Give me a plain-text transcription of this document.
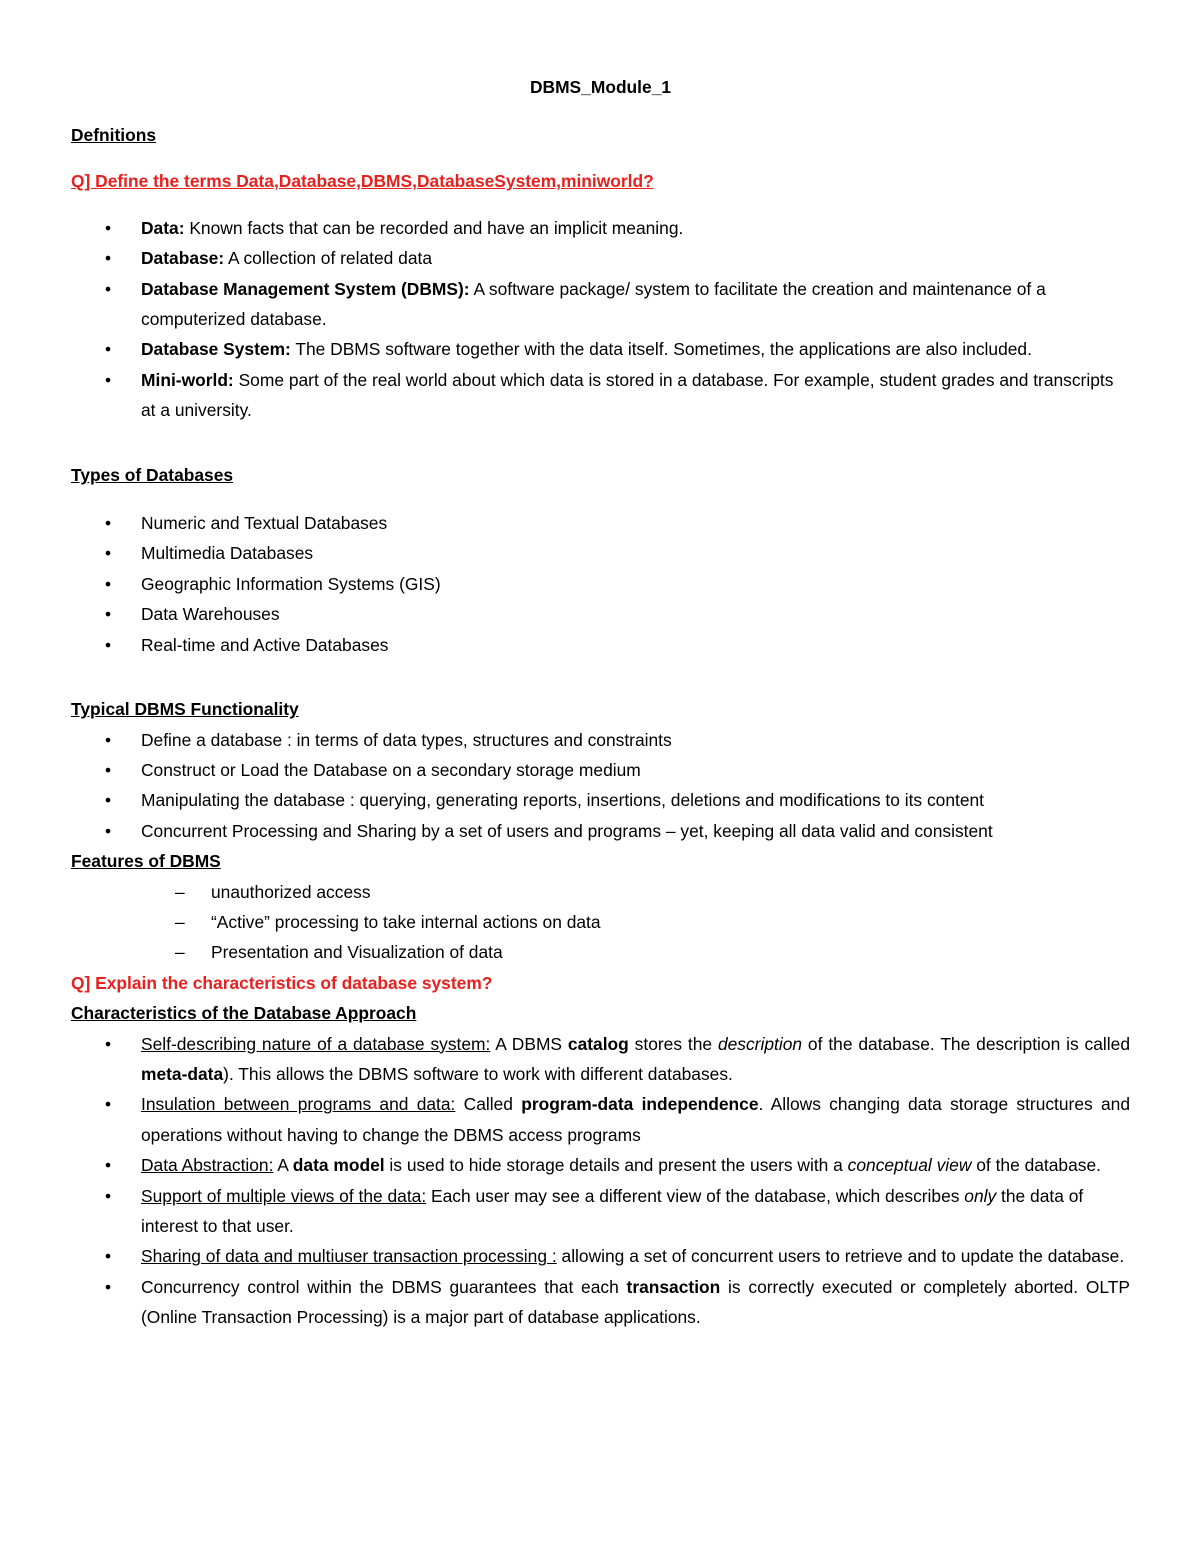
DBMS_Module_1

Defnitions

Q] Define the terms Data,Database,DBMS,DatabaseSystem,miniworld?

• Data: Known facts that can be recorded and have an implicit meaning.
• Database: A collection of related data
• Database Management System (DBMS): A software package/ system to facilitate the creation and maintenance of a computerized database.
• Database System: The DBMS software together with the data itself. Sometimes, the applications are also included.
• Mini-world: Some part of the real world about which data is stored in a database. For example, student grades and transcripts at a university.

Types of Databases

• Numeric and Textual Databases
• Multimedia Databases
• Geographic Information Systems (GIS)
• Data Warehouses
• Real-time and Active Databases

Typical DBMS Functionality

• Define a database : in terms of data types, structures and constraints
• Construct or Load the Database on a secondary storage medium
• Manipulating the database : querying, generating reports, insertions, deletions and modifications to its content
• Concurrent Processing and Sharing by a set of users and programs – yet, keeping all data valid and consistent

Features of DBMS

– unauthorized access
– “Active” processing to take internal actions on data
– Presentation and Visualization of data

Q] Explain the characteristics of database system?

Characteristics of the Database Approach

• Self-describing nature of a database system: A DBMS catalog stores the description of the database. The description is called meta-data). This allows the DBMS software to work with different databases.
• Insulation between programs and data: Called program-data independence. Allows changing data storage structures and operations without having to change the DBMS access programs
• Data Abstraction: A data model is used to hide storage details and present the users with a conceptual view of the database.
• Support of multiple views of the data: Each user may see a different view of the database, which describes only the data of interest to that user.
• Sharing of data and multiuser transaction processing : allowing a set of concurrent users to retrieve and to update the database.
• Concurrency control within the DBMS guarantees that each transaction is correctly executed or completely aborted. OLTP (Online Transaction Processing) is a major part of database applications.
